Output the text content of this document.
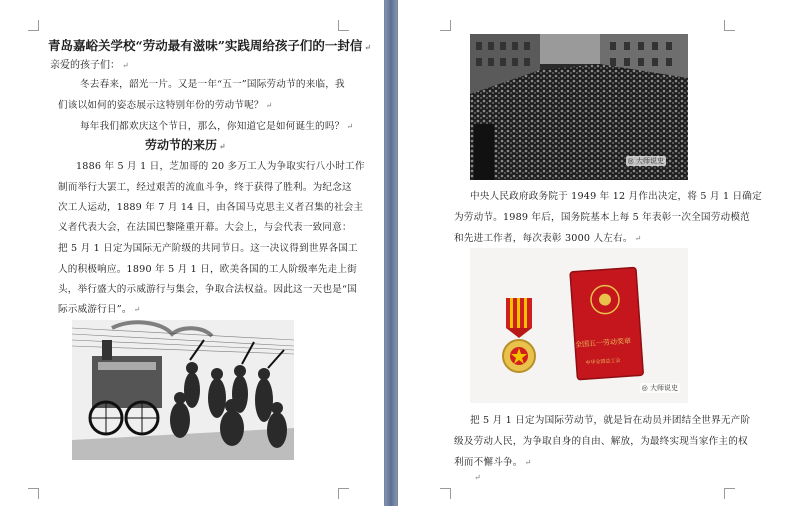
青岛嘉峪关学校“劳动最有滋味”实践周给孩子们的一封信 ↵
亲爱的孩子们： ↵
冬去春来，韶光一片。又是一年“五一”国际劳动节的来临，我
们该以如何的姿态展示这特别年份的劳动节呢？ ↵
每年我们都欢庆这个节日，那么，你知道它是如何诞生的吗？ ↵
劳动节的来历 ↵
1886 年 5 月 1 日，芝加哥的 20 多万工人为争取实行八小时工作
制而举行大罢工，经过艰苦的流血斗争，终于获得了胜利。为纪念这
次工人运动，1889 年 7 月 14 日，由各国马克思主义者召集的社会主
义者代表大会，在法国巴黎隆重开幕。大会上，与会代表一致同意：
把 5 月 1 日定为国际无产阶级的共同节日。这一决议得到世界各国工
人的积极响应。1890 年 5 月 1 日，欧美各国的工人阶级率先走上街
头，举行盛大的示威游行与集会，争取合法权益。因此这一天也是“国
际示威游行日”。 ↵
◎ 大师说史
中央人民政府政务院于 1949 年 12 月作出决定，将 5 月 1 日确定
为劳动节。1989 年后，国务院基本上每 5 年表彰一次全国劳动模范
和先进工作者，每次表彰 3000 人左右。 ↵
全国五一劳动奖章
中华全国总工会
◎ 大师说史
把 5 月 1 日定为国际劳动节，就是旨在动员并团结全世界无产阶
级及劳动人民，为争取自身的自由、解放，为最终实现当家作主的权
利而不懈斗争。 ↵
↵
